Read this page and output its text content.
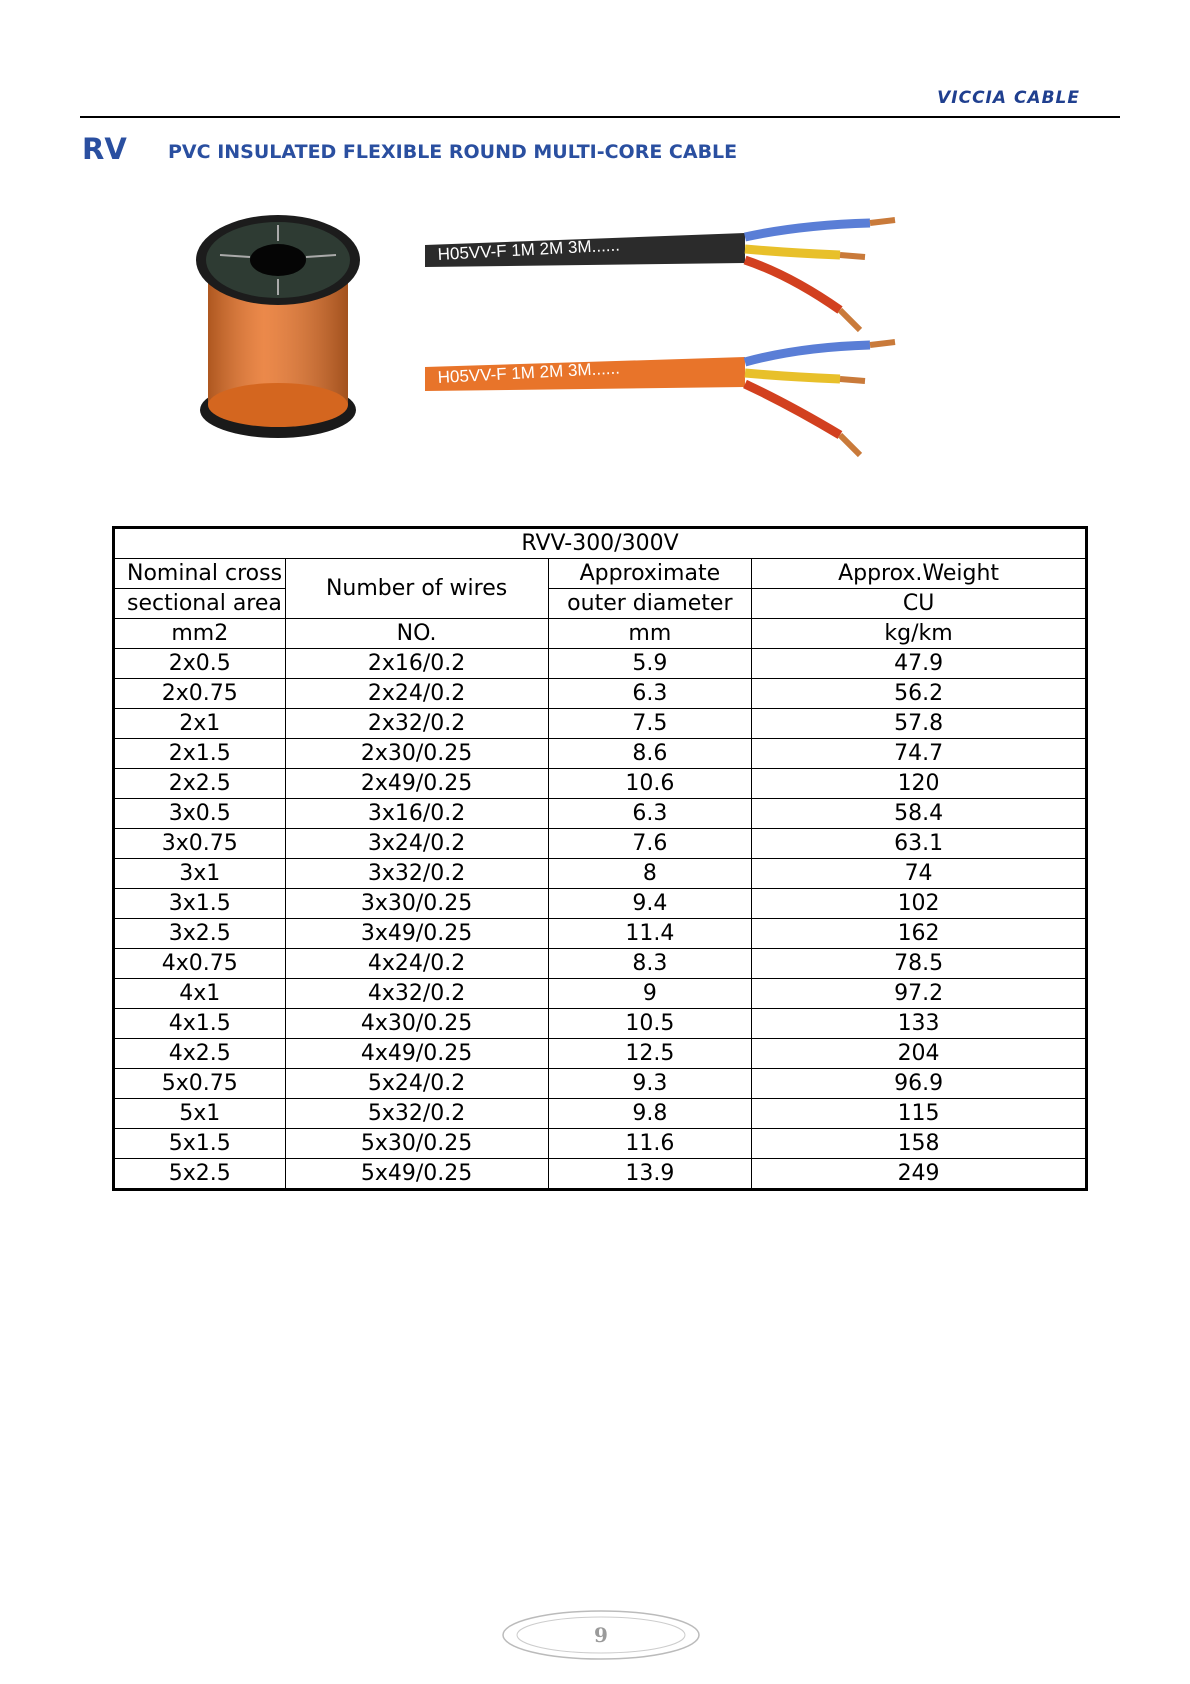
VICCIA CABLE
RV PVC INSULATED FLEXIBLE ROUND MULTI-CORE CABLE
H05VV-F 1M 2M 3M......
H05VV-F 1M 2M 3M......
RVV-300/300V			
Nominal cross	Number of wires	Approximate	Approx.Weight
sectional area		outer diameter	CU
mm2	NO.	mm	kg/km
2x0.5	2x16/0.2	5.9	47.9
2x0.75	2x24/0.2	6.3	56.2
2x1	2x32/0.2	7.5	57.8
2x1.5	2x30/0.25	8.6	74.7
2x2.5	2x49/0.25	10.6	120
3x0.5	3x16/0.2	6.3	58.4
3x0.75	3x24/0.2	7.6	63.1
3x1	3x32/0.2	8	74
3x1.5	3x30/0.25	9.4	102
3x2.5	3x49/0.25	11.4	162
4x0.75	4x24/0.2	8.3	78.5
4x1	4x32/0.2	9	97.2
4x1.5	4x30/0.25	10.5	133
4x2.5	4x49/0.25	12.5	204
5x0.75	5x24/0.2	9.3	96.9
5x1	5x32/0.2	9.8	115
5x1.5	5x30/0.25	11.6	158
5x2.5	5x49/0.25	13.9	249
9
